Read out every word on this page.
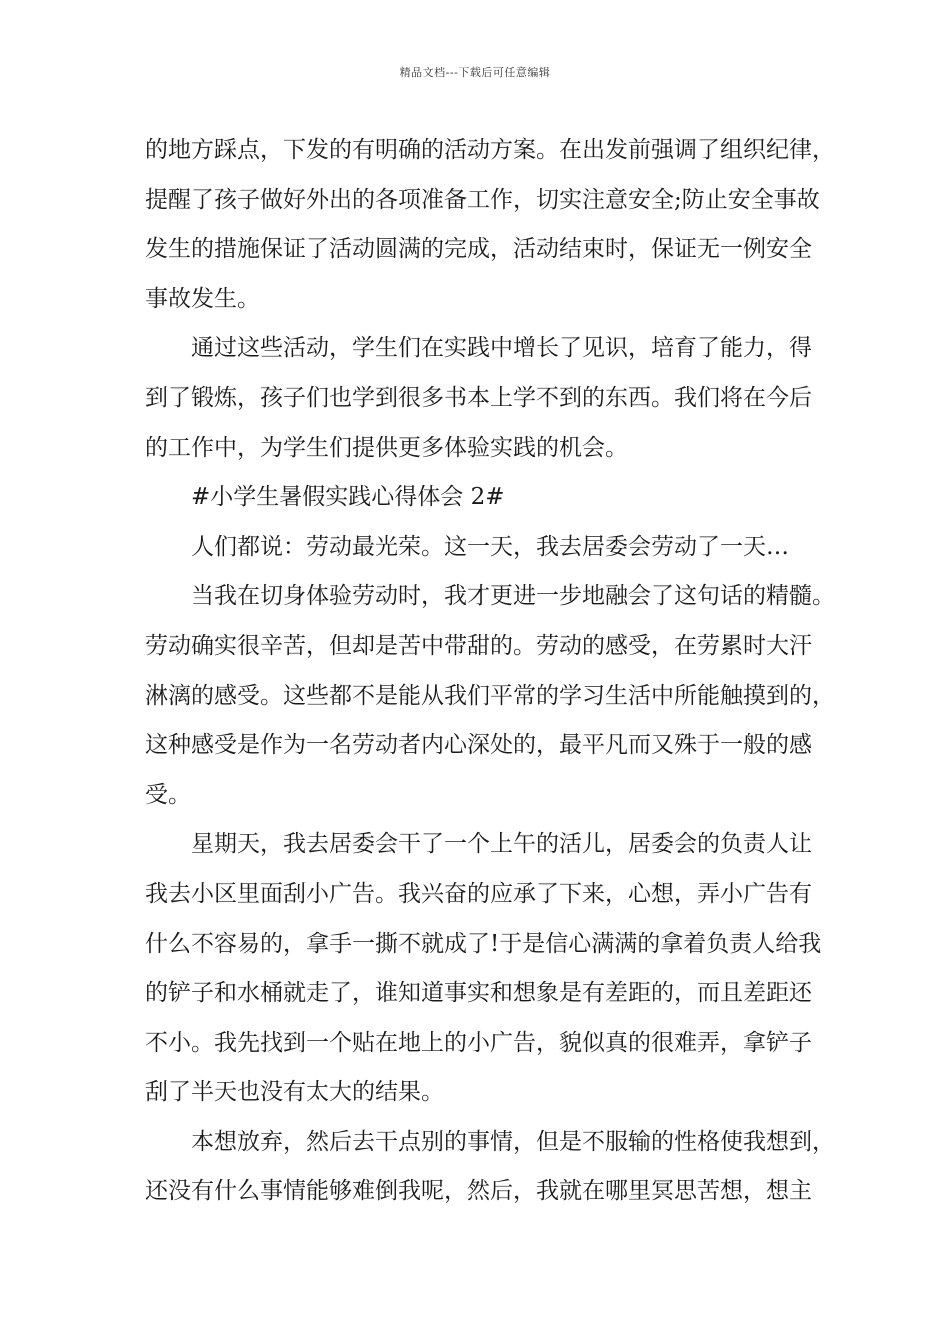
精品文档---下载后可任意编辑
的地方踩点，下发的有明确的活动方案。在出发前强调了组织纪律，
提醒了孩子做好外出的各项准备工作，切实注意安全;防止安全事故
发生的措施保证了活动圆满的完成，活动结束时，保证无一例安全
事故发生。
通过这些活动，学生们在实践中增长了见识，培育了能力，得
到了锻炼，孩子们也学到很多书本上学不到的东西。我们将在今后
的工作中，为学生们提供更多体验实践的机会。
#小学生暑假实践心得体会 2#
人们都说：劳动最光荣。这一天，我去居委会劳动了一天…
当我在切身体验劳动时，我才更进一步地融会了这句话的精髓。
劳动确实很辛苦，但却是苦中带甜的。劳动的感受，在劳累时大汗
淋漓的感受。这些都不是能从我们平常的学习生活中所能触摸到的，
这种感受是作为一名劳动者内心深处的，最平凡而又殊于一般的感
受。
星期天，我去居委会干了一个上午的活儿，居委会的负责人让
我去小区里面刮小广告。我兴奋的应承了下来，心想，弄小广告有
什么不容易的，拿手一撕不就成了!于是信心满满的拿着负责人给我
的铲子和水桶就走了，谁知道事实和想象是有差距的，而且差距还
不小。我先找到一个贴在地上的小广告，貌似真的很难弄，拿铲子
刮了半天也没有太大的结果。
本想放弃，然后去干点别的事情，但是不服输的性格使我想到，
还没有什么事情能够难倒我呢，然后，我就在哪里冥思苦想，想主
